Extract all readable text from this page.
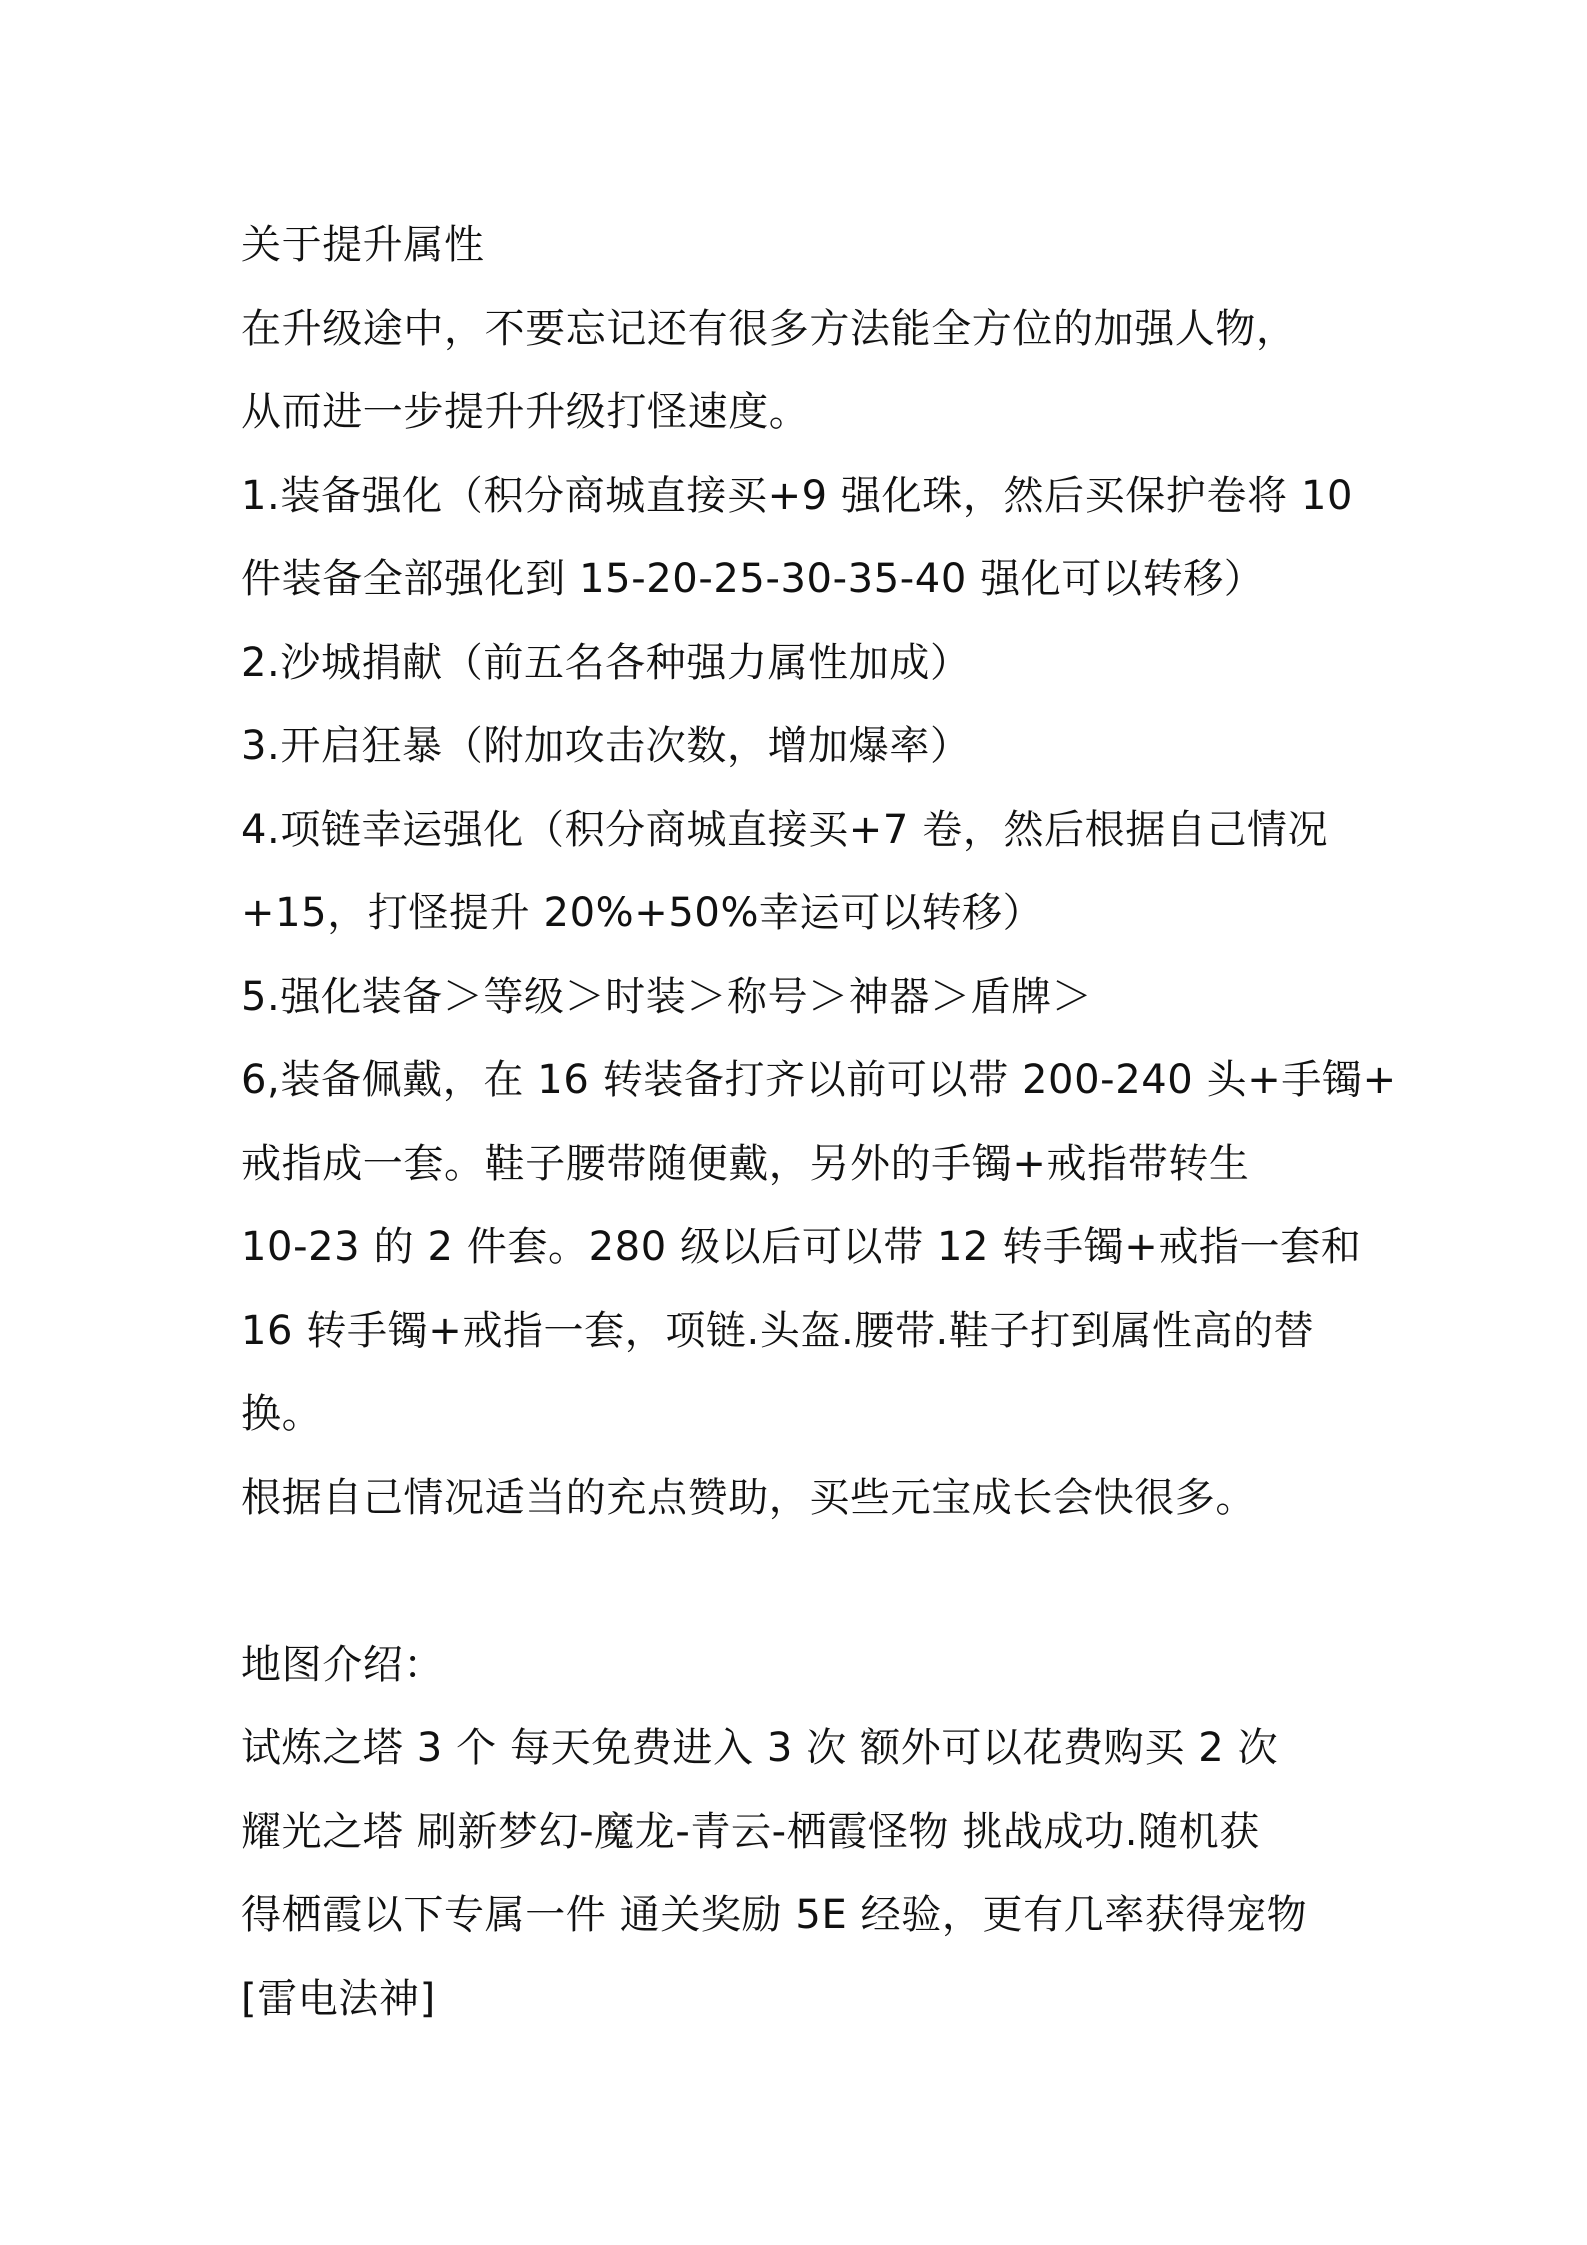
关于提升属性
在升级途中，不要忘记还有很多方法能全方位的加强人物，
从而进一步提升升级打怪速度。
1.装备强化（积分商城直接买+9 强化珠，然后买保护卷将 10
件装备全部强化到 15-20-25-30-35-40 强化可以转移）
2.沙城捐献（前五名各种强力属性加成）
3.开启狂暴（附加攻击次数，增加爆率）
4.项链幸运强化（积分商城直接买+7 卷，然后根据自己情况
+15，打怪提升 20%+50%幸运可以转移）
5.强化装备＞等级＞时装＞称号＞神器＞盾牌＞
6,装备佩戴，在 16 转装备打齐以前可以带 200-240 头+手镯+
戒指成一套。鞋子腰带随便戴，另外的手镯+戒指带转生
10-23 的 2 件套。280 级以后可以带 12 转手镯+戒指一套和
16 转手镯+戒指一套，项链.头盔.腰带.鞋子打到属性高的替
换。
根据自己情况适当的充点赞助，买些元宝成长会快很多。
地图介绍：
试炼之塔 3 个 每天免费进入 3 次 额外可以花费购买 2 次
耀光之塔 刷新梦幻-魔龙-青云-栖霞怪物 挑战成功.随机获
得栖霞以下专属一件 通关奖励 5E 经验，更有几率获得宠物
[雷电法神]
